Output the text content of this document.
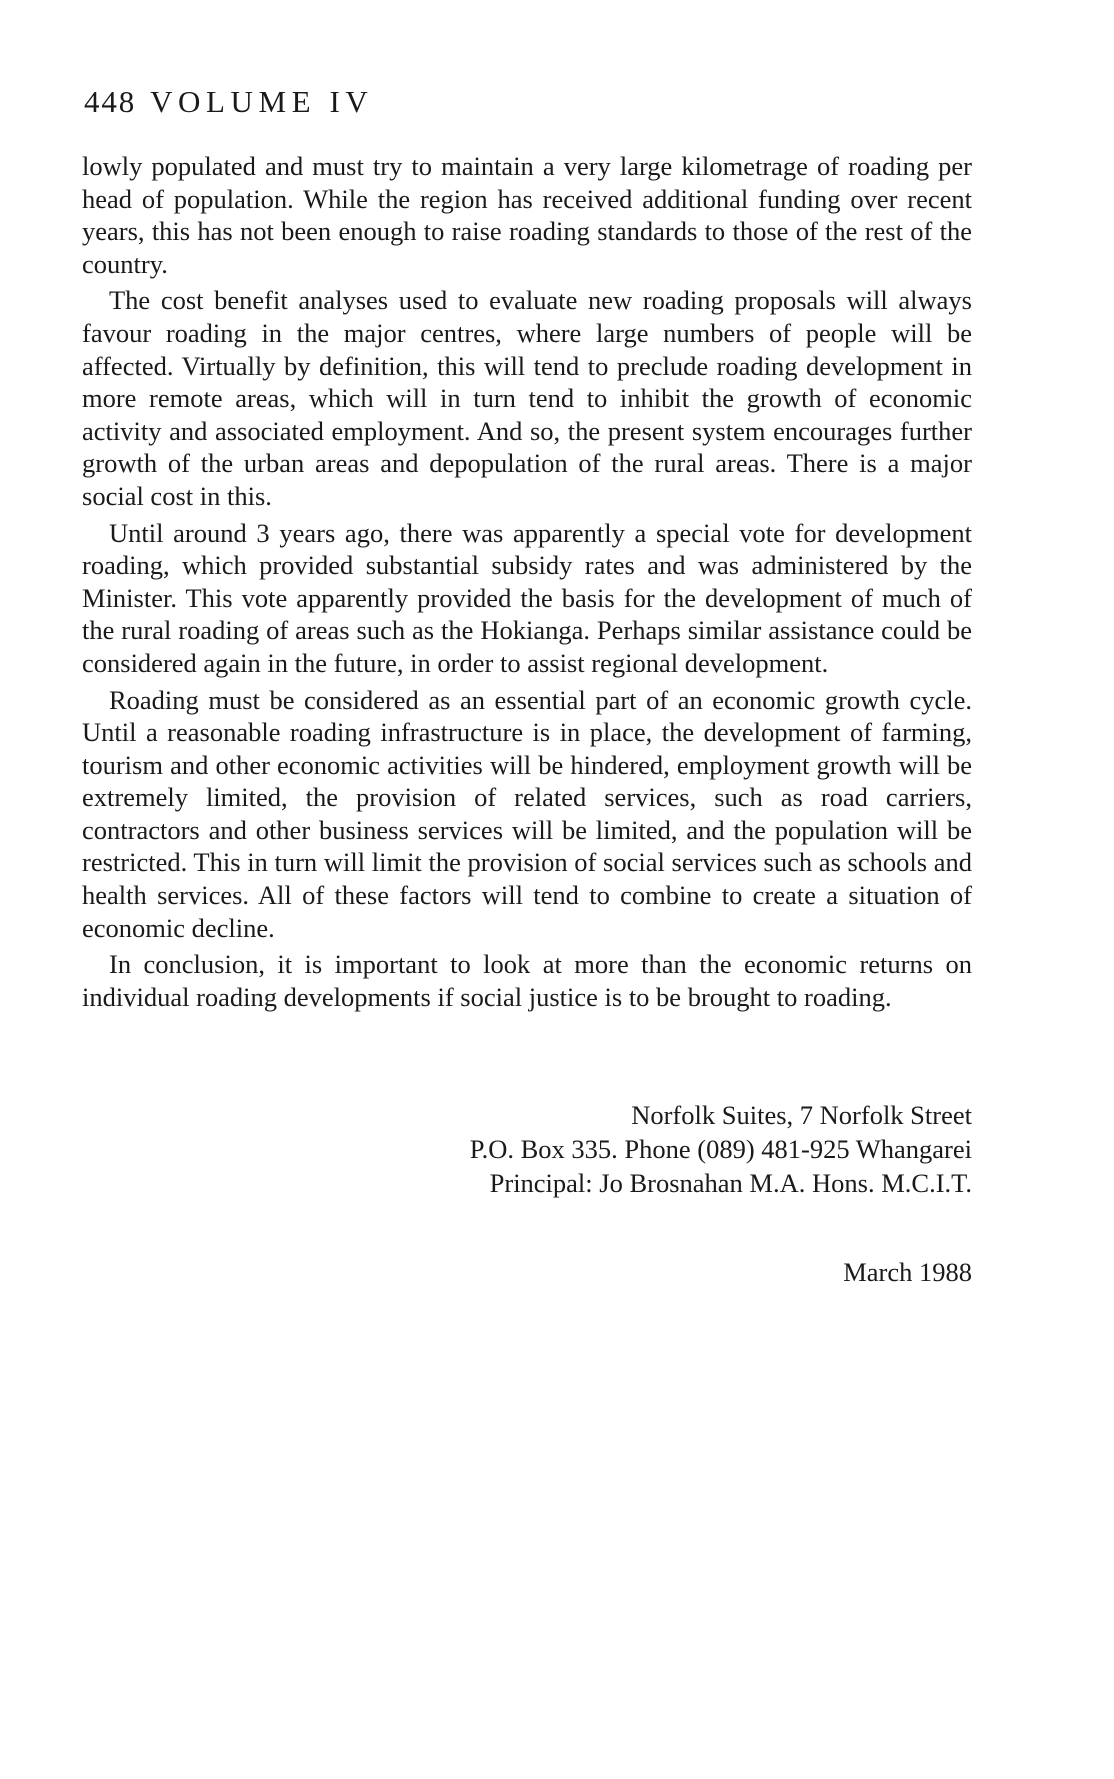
448 VOLUME IV

lowly populated and must try to maintain a very large kilometrage of roading per head of population. While the region has received additional funding over recent years, this has not been enough to raise roading standards to those of the rest of the country.

The cost benefit analyses used to evaluate new roading proposals will always favour roading in the major centres, where large numbers of people will be affected. Virtually by definition, this will tend to preclude roading development in more remote areas, which will in turn tend to inhibit the growth of economic activity and associated employment. And so, the present system encourages further growth of the urban areas and depopulation of the rural areas. There is a major social cost in this.

Until around 3 years ago, there was apparently a special vote for development roading, which provided substantial subsidy rates and was administered by the Minister. This vote apparently provided the basis for the development of much of the rural roading of areas such as the Hokianga. Perhaps similar assistance could be considered again in the future, in order to assist regional development.

Roading must be considered as an essential part of an economic growth cycle. Until a reasonable roading infrastructure is in place, the development of farming, tourism and other economic activities will be hindered, employment growth will be extremely limited, the provision of related services, such as road carriers, contractors and other business services will be limited, and the population will be restricted. This in turn will limit the provision of social services such as schools and health services. All of these factors will tend to combine to create a situation of economic decline.

In conclusion, it is important to look at more than the economic returns on individual roading developments if social justice is to be brought to roading.

Norfolk Suites, 7 Norfolk Street
P.O. Box 335. Phone (089) 481-925 Whangarei
Principal: Jo Brosnahan M.A. Hons. M.C.I.T.
March 1988
